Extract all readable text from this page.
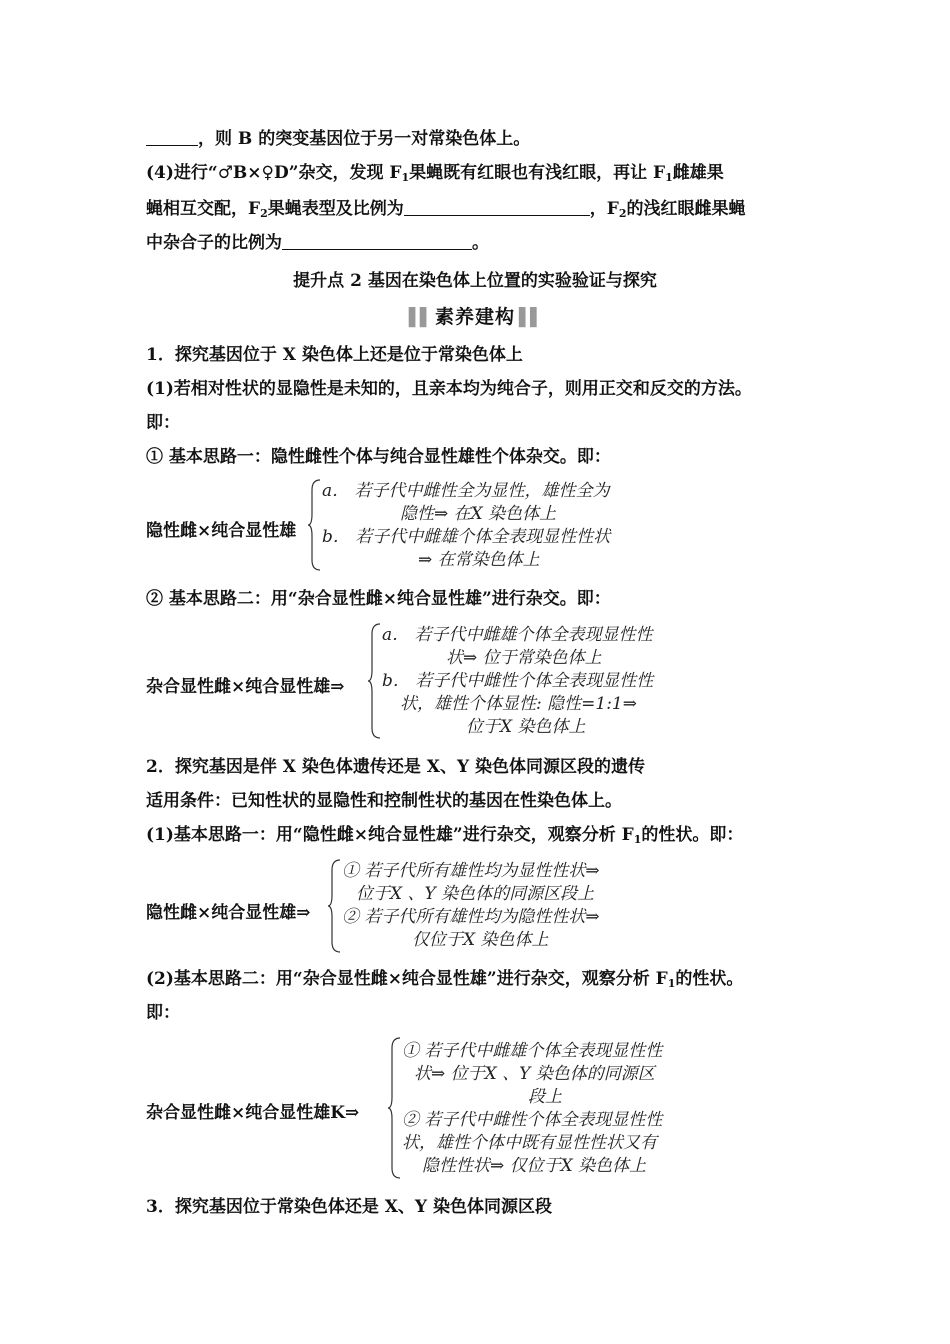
，则 B 的突变基因位于另一对常染色体上。
(4)进行“♂B×♀D”杂交，发现 $F_1$果蝇既有红眼也有浅红眼，再让 $F_1$雌雄果
蝇相互交配，$F_2$果蝇表型及比例为	，$F_2$的浅红眼雌果蝇
中杂合子的比例为	。
提升点 2 基因在染色体上位置的实验验证与探究
▌▌ 素养建构 ▌▌
1．探究基因位于 X 染色体上还是位于常染色体上
(1)若相对性状的显隐性是未知的，且亲本均为纯合子，则用正交和反交的方法。
即：
① 基本思路一：隐性雌性个体与纯合显性雄性个体杂交。即：
隐性雌×纯合显性雄
a． 若子代中雌性全为显性，雄性全为
隐性⇒ 在X 染色体上
b． 若子代中雌雄个体全表现显性性状
⇒ 在常染色体上
② 基本思路二：用“杂合显性雌×纯合显性雄”进行杂交。即：
杂合显性雌×纯合显性雄⇒
a． 若子代中雌雄个体全表现显性性
状⇒ 位于常染色体上
b． 若子代中雌性个体全表现显性性
状，雄性个体显性: 隐性=1:1⇒
位于X 染色体上
2．探究基因是伴 X 染色体遗传还是 X、Y 染色体同源区段的遗传
适用条件：已知性状的显隐性和控制性状的基因在性染色体上。
(1)基本思路一：用“隐性雌×纯合显性雄”进行杂交，观察分析 $F_1$的性状。即：
隐性雌×纯合显性雄⇒
① 若子代所有雄性均为显性性状⇒
位于X 、Y 染色体的同源区段上
② 若子代所有雄性均为隐性性状⇒
仅位于X 染色体上
(2)基本思路二：用“杂合显性雌×纯合显性雄”进行杂交，观察分析 $F_1$的性状。
即：
杂合显性雌×纯合显性雄K⇒
① 若子代中雌雄个体全表现显性性
状⇒ 位于X 、Y 染色体的同源区
段上
② 若子代中雌性个体全表现显性性
状，雄性个体中既有显性性状又有
隐性性状⇒ 仅位于X 染色体上
3．探究基因位于常染色体还是 X、Y 染色体同源区段
